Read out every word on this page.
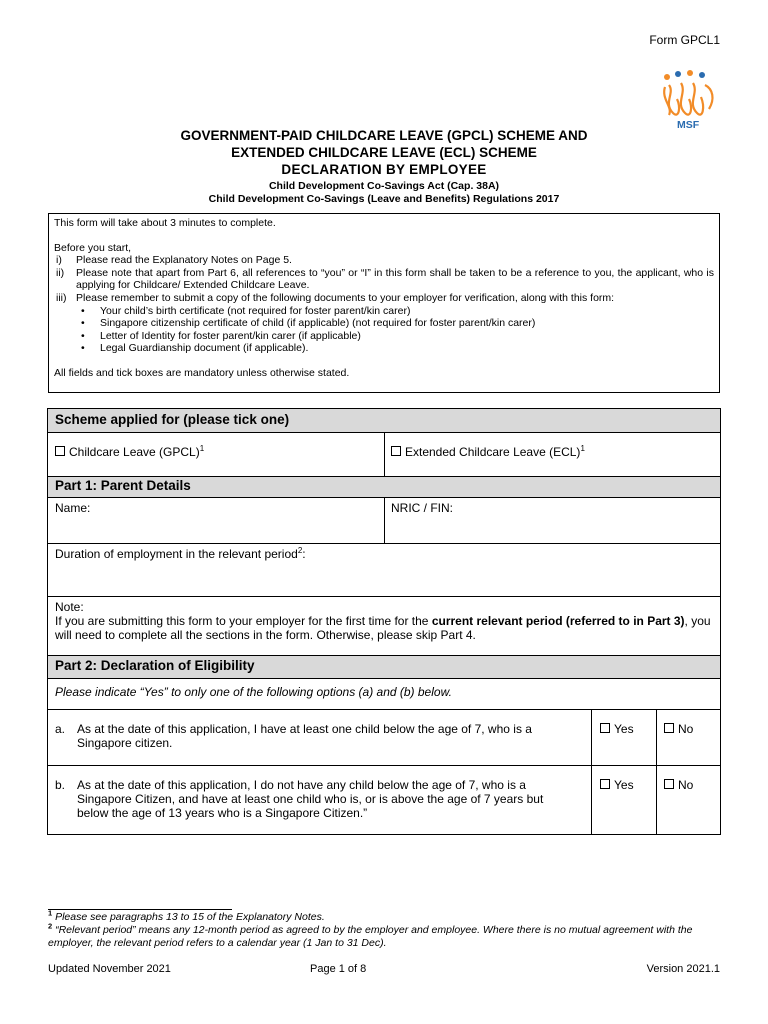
Form GPCL1
MSF
GOVERNMENT-PAID CHILDCARE LEAVE (GPCL) SCHEME AND
EXTENDED CHILDCARE LEAVE (ECL) SCHEME
DECLARATION BY EMPLOYEE
Child Development Co-Savings Act (Cap. 38A)
Child Development Co-Savings (Leave and Benefits) Regulations 2017

This form will take about 3 minutes to complete.

Before you start,

i)	Please read the Explanatory Notes on Page 5.
ii)	Please note that apart from Part 6, all references to “you” or “I” in this form shall be taken to be a reference to you, the applicant, who is applying for Childcare/ Extended Childcare Leave.
iii) Please remember to submit a copy of the following documents to your employer for verification, along with this form:
•	Your child’s birth certificate (not required for foster parent/kin carer)
•	Singapore citizenship certificate of child (if applicable) (not required for foster parent/kin carer)
•	Letter of Identity for foster parent/kin carer (if applicable)
•	Legal Guardianship document (if applicable).

All fields and tick boxes are mandatory unless otherwise stated.

Scheme applied for (please tick one)
Childcare Leave (GPCL)$^1$	Extended Childcare Leave (ECL)$^1$
Part 1: Parent Details
Name:	NRIC / FIN:
Duration of employment in the relevant period$^2$:
Note:
If you are submitting this form to your employer for the first time for the current relevant period (referred to in Part 3), you will need to complete all the sections in the form. Otherwise, please skip Part 4.
Part 2: Declaration of Eligibility
Please indicate “Yes” to only one of the following options (a) and (b) below.
a. As at the date of this application, I have at least one child below the age of 7, who is a Singapore citizen.
Yes	No
b. As at the date of this application, I do not have any child below the age of 7, who is a Singapore Citizen, and have at least one child who is, or is above the age of 7 years but below the age of 13 years who is a Singapore Citizen.”
Yes	No
$^1$ Please see paragraphs 13 to 15 of the Explanatory Notes.
$^2$ “Relevant period” means any 12-month period as agreed to by the employer and employee. Where there is no mutual agreement with the employer, the relevant period refers to a calendar year (1 Jan to 31 Dec).
Updated November 2021	Page 1 of 8	Version 2021.1
